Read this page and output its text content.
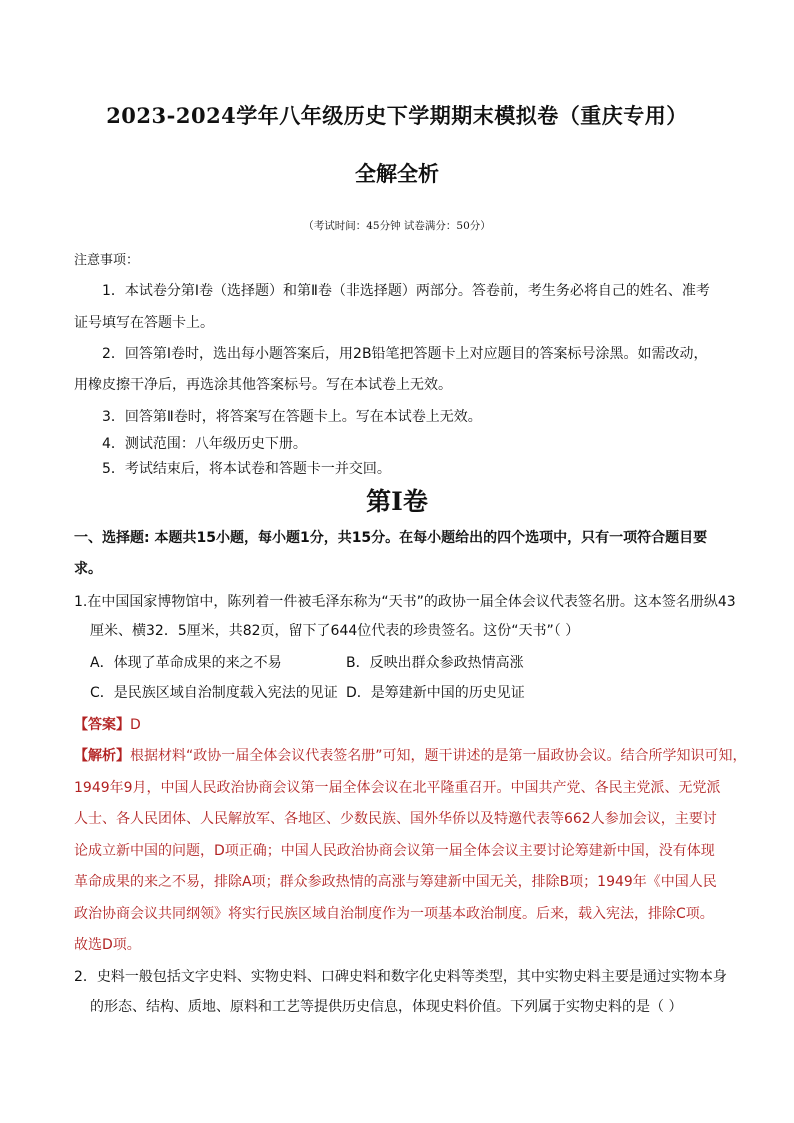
2023-2024学年八年级历史下学期期末模拟卷（重庆专用）
全解全析
（考试时间：45分钟 试卷满分：50分）
注意事项：
1．本试卷分第Ⅰ卷（选择题）和第Ⅱ卷（非选择题）两部分。答卷前，考生务必将自己的姓名、准考
证号填写在答题卡上。
2．回答第Ⅰ卷时，选出每小题答案后，用2B铅笔把答题卡上对应题目的答案标号涂黑。如需改动，
用橡皮擦干净后，再选涂其他答案标号。写在本试卷上无效。
3．回答第Ⅱ卷时，将答案写在答题卡上。写在本试卷上无效。
4．测试范围：八年级历史下册。
5．考试结束后，将本试卷和答题卡一并交回。
第Ⅰ卷
一、选择题: 本题共15小题，每小题1分，共15分。在每小题给出的四个选项中，只有一项符合题目要
求。
1.在中国国家博物馆中，陈列着一件被毛泽东称为“天书”的政协一届全体会议代表签名册。这本签名册纵43
厘米、横32．5厘米，共82页，留下了644位代表的珍贵签名。这份“天书”（ ）
A．体现了革命成果的来之不易	B．反映出群众参政热情高涨
C．是民族区域自治制度载入宪法的见证 D．是筹建新中国的历史见证
【答案】D
【解析】根据材料“政协一届全体会议代表签名册”可知，题干讲述的是第一届政协会议。结合所学知识可知，
1949年9月，中国人民政治协商会议第一届全体会议在北平隆重召开。中国共产党、各民主党派、无党派
人士、各人民团体、人民解放军、各地区、少数民族、国外华侨以及特邀代表等662人参加会议，主要讨
论成立新中国的问题，D项正确；中国人民政治协商会议第一届全体会议主要讨论筹建新中国，没有体现
革命成果的来之不易，排除A项；群众参政热情的高涨与筹建新中国无关，排除B项；1949年《中国人民
政治协商会议共同纲领》将实行民族区域自治制度作为一项基本政治制度。后来，载入宪法，排除C项。
故选D项。
2．史料一般包括文字史料、实物史料、口碑史料和数字化史料等类型，其中实物史料主要是通过实物本身
的形态、结构、质地、原料和工艺等提供历史信息，体现史料价值。下列属于实物史料的是（ ）
